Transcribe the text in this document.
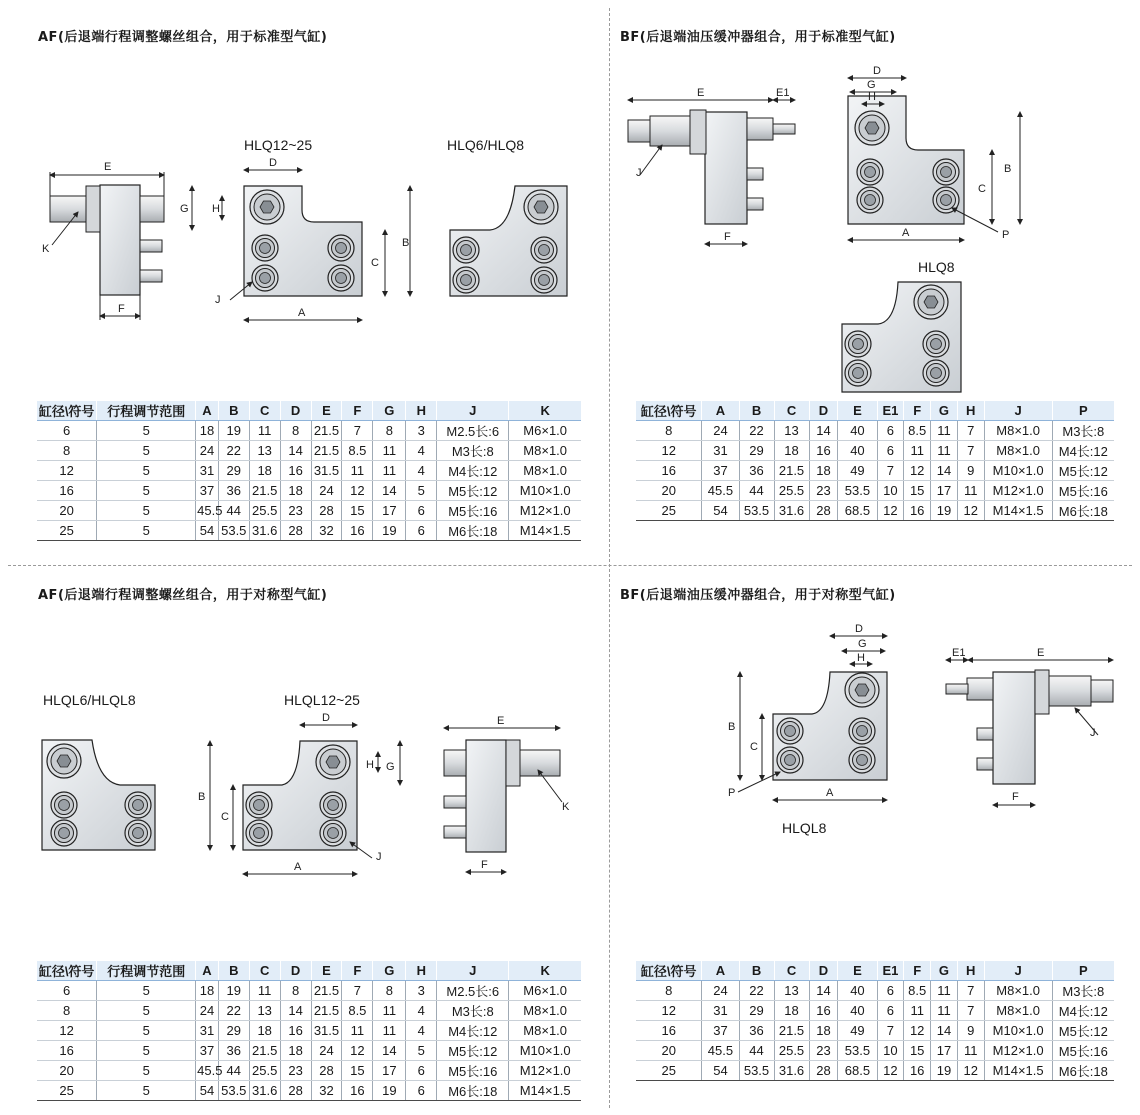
AF(后退端行程调整螺丝组合，用于标准型气缸)	BF(后退端油压缓冲器组合，用于标准型气缸)
AF(后退端行程调整螺丝组合，用于对称型气缸)	BF(后退端油压缓冲器组合，用于对称型气缸)
HLQ12~25	HLQ6/HLQ8
HLQ8
HLQL6/HLQL8	HLQL12~25
HLQL8
E
F
K
D
A
B
C
G H
J
E	E1
F
J
D
G
H
A
B
C
P
D
A
B
C
G
H
J
E
F
K
D
G
H
A
B
C
P
E1	E
F
J
缸径\符号	行程调节范围	A	B	C	D	E	F	G	H	J	K
6	5	18	19	11	8	21.5	7	8	3	M2.5长:6	M6×1.0
8	5	24	22	13	14	21.5	8.5	11	4	M3长:8	M8×1.0
12	5	31	29	18	16	31.5	11	11	4	M4长:12	M8×1.0
16	5	37	36	21.5	18	24	12	14	5	M5长:12	M10×1.0
20	5	45.5	44	25.5	23	28	15	17	6	M5长:16	M12×1.0
25	5	54	53.5	31.6	28	32	16	19	6	M6长:18	M14×1.5
缸径\符号	A	B	C	D	E	E1	F	G	H	J	P
8	24	22	13	14	40	6	8.5	11	7	M8×1.0	M3长:8
12	31	29	18	16	40	6	11	11	7	M8×1.0	M4长:12
16	37	36	21.5	18	49	7	12	14	9	M10×1.0	M5长:12
20	45.5	44	25.5	23	53.5	10	15	17	11	M12×1.0	M5长:16
25	54	53.5	31.6	28	68.5	12	16	19	12	M14×1.5	M6长:18
缸径\符号	行程调节范围	A	B	C	D	E	F	G	H	J	K
6	5	18	19	11	8	21.5	7	8	3	M2.5长:6	M6×1.0
8	5	24	22	13	14	21.5	8.5	11	4	M3长:8	M8×1.0
12	5	31	29	18	16	31.5	11	11	4	M4长:12	M8×1.0
16	5	37	36	21.5	18	24	12	14	5	M5长:12	M10×1.0
20	5	45.5	44	25.5	23	28	15	17	6	M5长:16	M12×1.0
25	5	54	53.5	31.6	28	32	16	19	6	M6长:18	M14×1.5
缸径\符号	A	B	C	D	E	E1	F	G	H	J	P
8	24	22	13	14	40	6	8.5	11	7	M8×1.0	M3长:8
12	31	29	18	16	40	6	11	11	7	M8×1.0	M4长:12
16	37	36	21.5	18	49	7	12	14	9	M10×1.0	M5长:12
20	45.5	44	25.5	23	53.5	10	15	17	11	M12×1.0	M5长:16
25	54	53.5	31.6	28	68.5	12	16	19	12	M14×1.5	M6长:18
